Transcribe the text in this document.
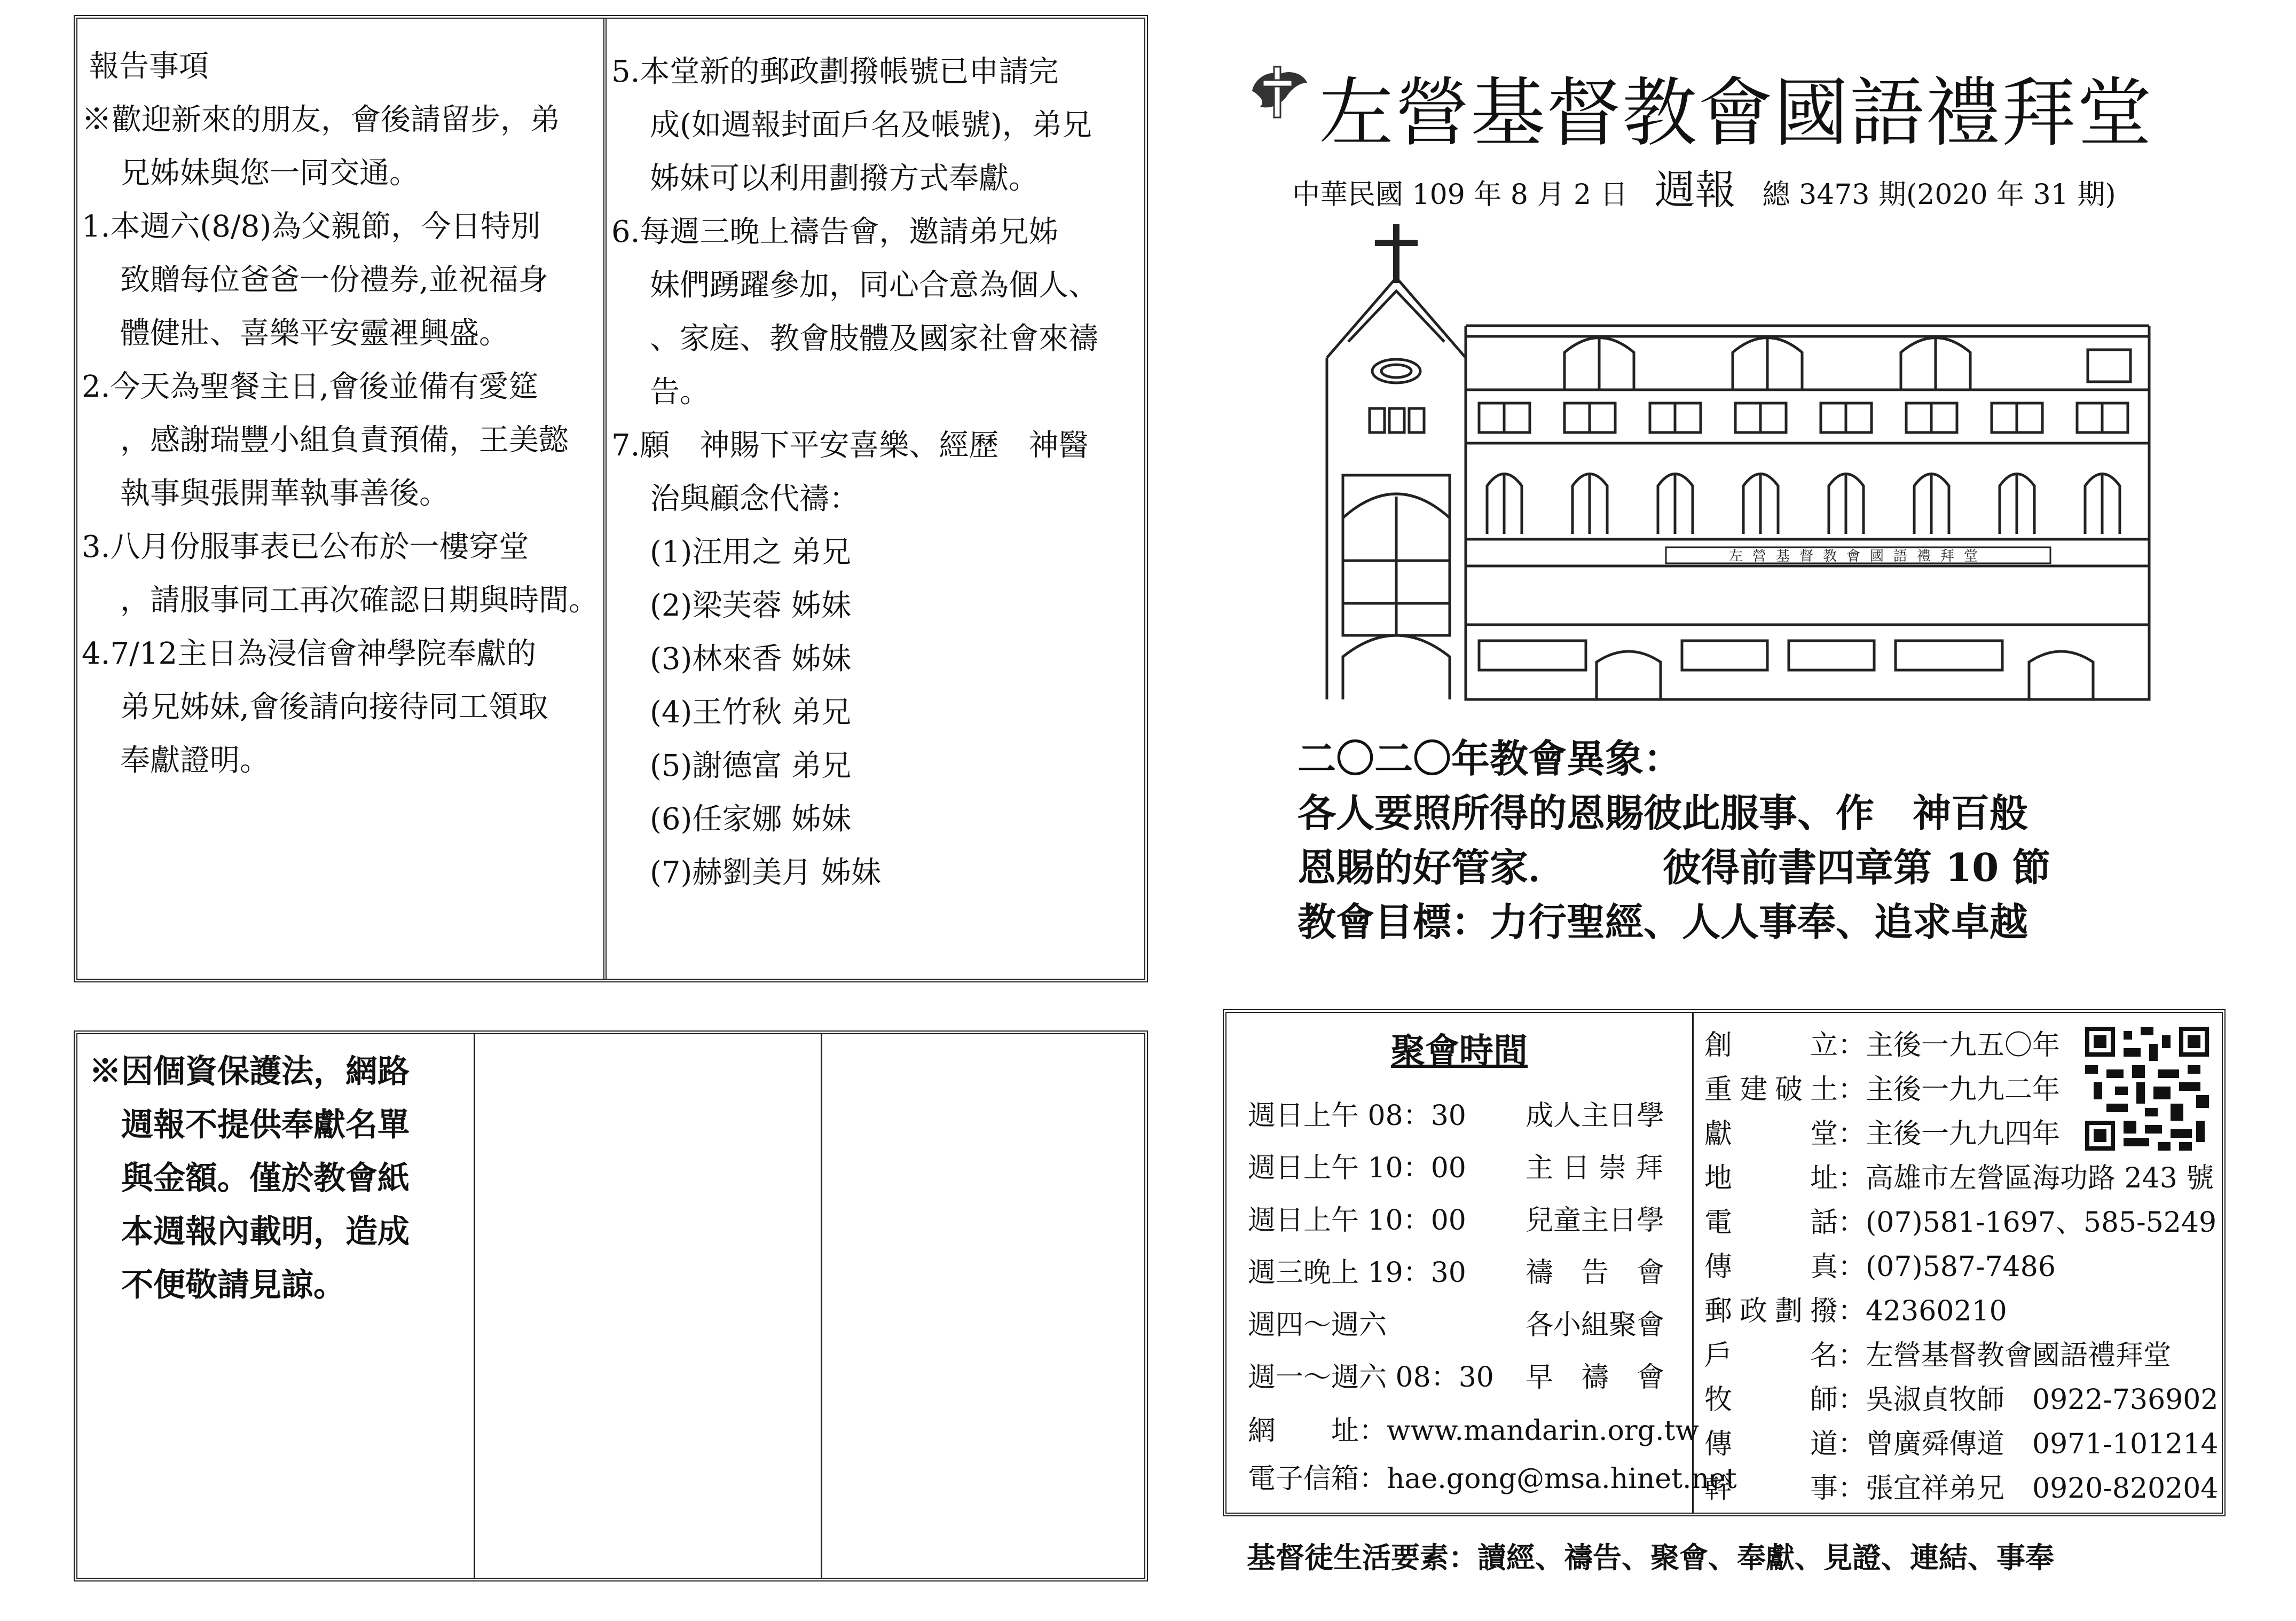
報告事項

※歡迎新來的朋友，會後請留步，弟

兄姊妹與您一同交通。

1.本週六(8/8)為父親節，今日特別

致贈每位爸爸一份禮券,並祝福身

體健壯、喜樂平安靈裡興盛。

2.今天為聖餐主日,會後並備有愛筵

，感謝瑞豐小組負責預備，王美懿

執事與張開華執事善後。

3.八月份服事表已公布於一樓穿堂

，請服事同工再次確認日期與時間。

4.7/12主日為浸信會神學院奉獻的

弟兄姊妹,會後請向接待同工領取

奉獻證明。

5.本堂新的郵政劃撥帳號已申請完

成(如週報封面戶名及帳號)，弟兄

姊妹可以利用劃撥方式奉獻。

6.每週三晚上禱告會，邀請弟兄姊

妹們踴躍參加，同心合意為個人、

、家庭、教會肢體及國家社會來禱

告。

7.願　神賜下平安喜樂、經歷　神醫

治與顧念代禱：

(1)汪用之 弟兄

(2)梁芙蓉 姊妹

(3)林來香 姊妹

(4)王竹秋 弟兄

(5)謝德富 弟兄

(6)任家娜 姊妹

(7)赫劉美月 姊妹

※因個資保護法，網路
週報不提供奉獻名單
與金額。僅於教會紙
本週報內載明，造成
不便敬請見諒。
左營基督教會國語禮拜堂
中華民國 109 年 8 月 2 日 週報 總 3473 期(2020 年 31 期)
左營基督教會國語禮拜堂
二〇二〇年教會異象：
各人要照所得的恩賜彼此服事、作　神百般
恩賜的好管家．　　　彼得前書四章第 10 節
教會目標：力行聖經、人人事奉、追求卓越
聚會時間
週日上午 08：30 成人主日學
週日上午 10：00 主 日 崇 拜
週日上午 10：00 兒童主日學
週三晚上 19：30 禱　告　會
週四～週六	各小組聚會
週一～週六 08：30 早　禱　會
網　　址：www.mandarin.org.tw
電子信箱：hae.gong@msa.hinet.net
創立：主後一九五〇年
重建破土：主後一九九二年
獻堂：主後一九九四年
地址：高雄市左營區海功路 243 號
電話：(07)581-1697、585-5249
傳真：(07)587-7486
郵政劃撥：42360210
戶名：左營基督教會國語禮拜堂
牧師：吳淑貞牧師　0922-736902
傳道：曾廣舜傳道　0971-101214
幹事：張宜祥弟兄　0920-820204
基督徒生活要素：讀經、禱告、聚會、奉獻、見證、連結、事奉
